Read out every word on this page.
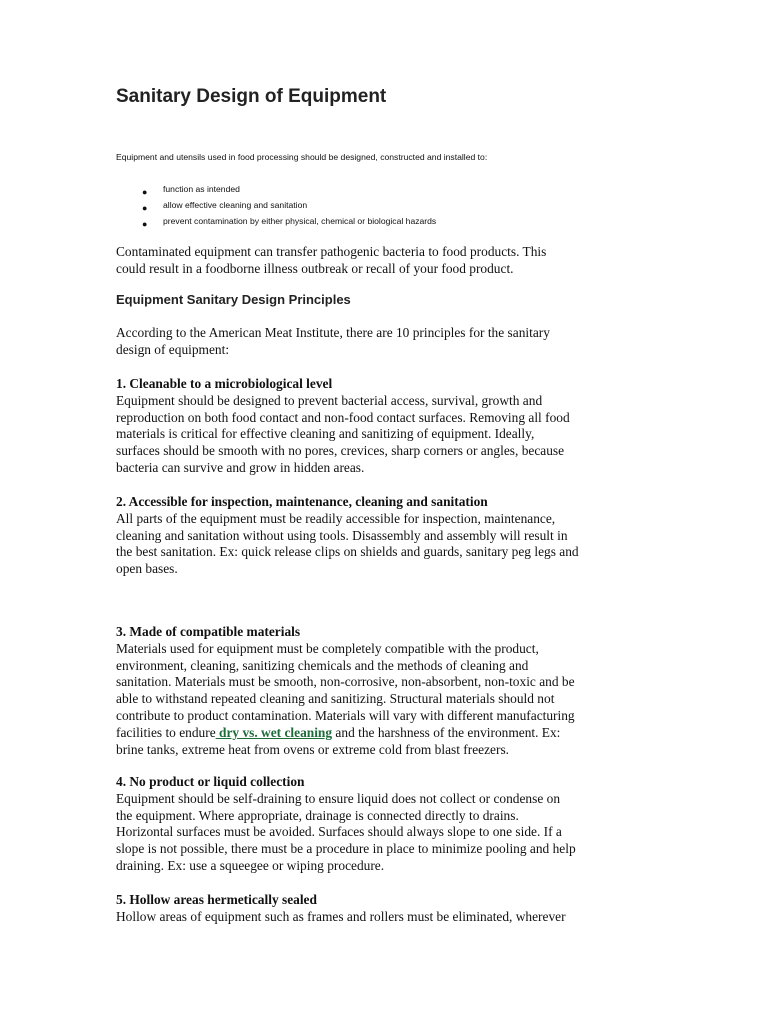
Sanitary Design of Equipment
Equipment and utensils used in food processing should be designed, constructed and installed to:
● function as intended
● allow effective cleaning and sanitation
● prevent contamination by either physical, chemical or biological hazards
Contaminated equipment can transfer pathogenic bacteria to food products. This
could result in a foodborne illness outbreak or recall of your food product.
Equipment Sanitary Design Principles
According to the American Meat Institute, there are 10 principles for the sanitary
design of equipment:
1. Cleanable to a microbiological level
Equipment should be designed to prevent bacterial access, survival, growth and
reproduction on both food contact and non-food contact surfaces. Removing all food
materials is critical for effective cleaning and sanitizing of equipment. Ideally,
surfaces should be smooth with no pores, crevices, sharp corners or angles, because
bacteria can survive and grow in hidden areas.
2. Accessible for inspection, maintenance, cleaning and sanitation
All parts of the equipment must be readily accessible for inspection, maintenance,
cleaning and sanitation without using tools. Disassembly and assembly will result in
the best sanitation. Ex: quick release clips on shields and guards, sanitary peg legs and
open bases.
3. Made of compatible materials
Materials used for equipment must be completely compatible with the product,
environment, cleaning, sanitizing chemicals and the methods of cleaning and
sanitation. Materials must be smooth, non-corrosive, non-absorbent, non-toxic and be
able to withstand repeated cleaning and sanitizing. Structural materials should not
contribute to product contamination. Materials will vary with different manufacturing
facilities to endure dry vs. wet cleaning and the harshness of the environment. Ex:
brine tanks, extreme heat from ovens or extreme cold from blast freezers.
4. No product or liquid collection
Equipment should be self-draining to ensure liquid does not collect or condense on
the equipment. Where appropriate, drainage is connected directly to drains.
Horizontal surfaces must be avoided. Surfaces should always slope to one side. If a
slope is not possible, there must be a procedure in place to minimize pooling and help
draining. Ex: use a squeegee or wiping procedure.
5. Hollow areas hermetically sealed
Hollow areas of equipment such as frames and rollers must be eliminated, wherever
